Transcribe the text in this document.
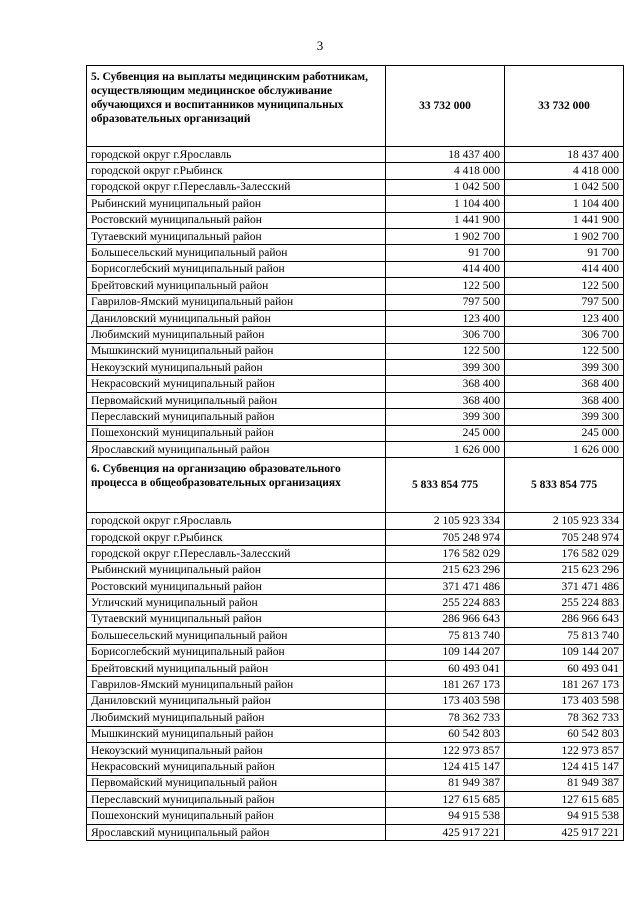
3
5. Субвенция на выплаты медицинским работникам, осуществляющим медицинское обслуживание обучающихся и воспитанников муниципальных образовательных организаций	33 732 000	33 732 000
городской округ г.Ярославль	18 437 400	18 437 400
городской округ г.Рыбинск	4 418 000	4 418 000
городской округ г.Переславль-Залесский	1 042 500	1 042 500
Рыбинский муниципальный район	1 104 400	1 104 400
Ростовский муниципальный район	1 441 900	1 441 900
Тутаевский муниципальный район	1 902 700	1 902 700
Большесельский муниципальный район	91 700	91 700
Борисоглебский муниципальный район	414 400	414 400
Брейтовский муниципальный район	122 500	122 500
Гаврилов-Ямский муниципальный район	797 500	797 500
Даниловский муниципальный район	123 400	123 400
Любимский муниципальный район	306 700	306 700
Мышкинский муниципальный район	122 500	122 500
Некоузский муниципальный район	399 300	399 300
Некрасовский муниципальный район	368 400	368 400
Первомайский муниципальный район	368 400	368 400
Переславский муниципальный район	399 300	399 300
Пошехонский муниципальный район	245 000	245 000
Ярославский муниципальный район	1 626 000	1 626 000
6. Субвенция на организацию образовательного процесса в общеобразовательных организациях	5 833 854 775	5 833 854 775
городской округ г.Ярославль	2 105 923 334	2 105 923 334
городской округ г.Рыбинск	705 248 974	705 248 974
городской округ г.Переславль-Залесский	176 582 029	176 582 029
Рыбинский муниципальный район	215 623 296	215 623 296
Ростовский муниципальный район	371 471 486	371 471 486
Угличский муниципальный район	255 224 883	255 224 883
Тутаевский муниципальный район	286 966 643	286 966 643
Большесельский муниципальный район	75 813 740	75 813 740
Борисоглебский муниципальный район	109 144 207	109 144 207
Брейтовский муниципальный район	60 493 041	60 493 041
Гаврилов-Ямский муниципальный район	181 267 173	181 267 173
Даниловский муниципальный район	173 403 598	173 403 598
Любимский муниципальный район	78 362 733	78 362 733
Мышкинский муниципальный район	60 542 803	60 542 803
Некоузский муниципальный район	122 973 857	122 973 857
Некрасовский муниципальный район	124 415 147	124 415 147
Первомайский муниципальный район	81 949 387	81 949 387
Переславский муниципальный район	127 615 685	127 615 685
Пошехонский муниципальный район	94 915 538	94 915 538
Ярославский муниципальный район	425 917 221	425 917 221
